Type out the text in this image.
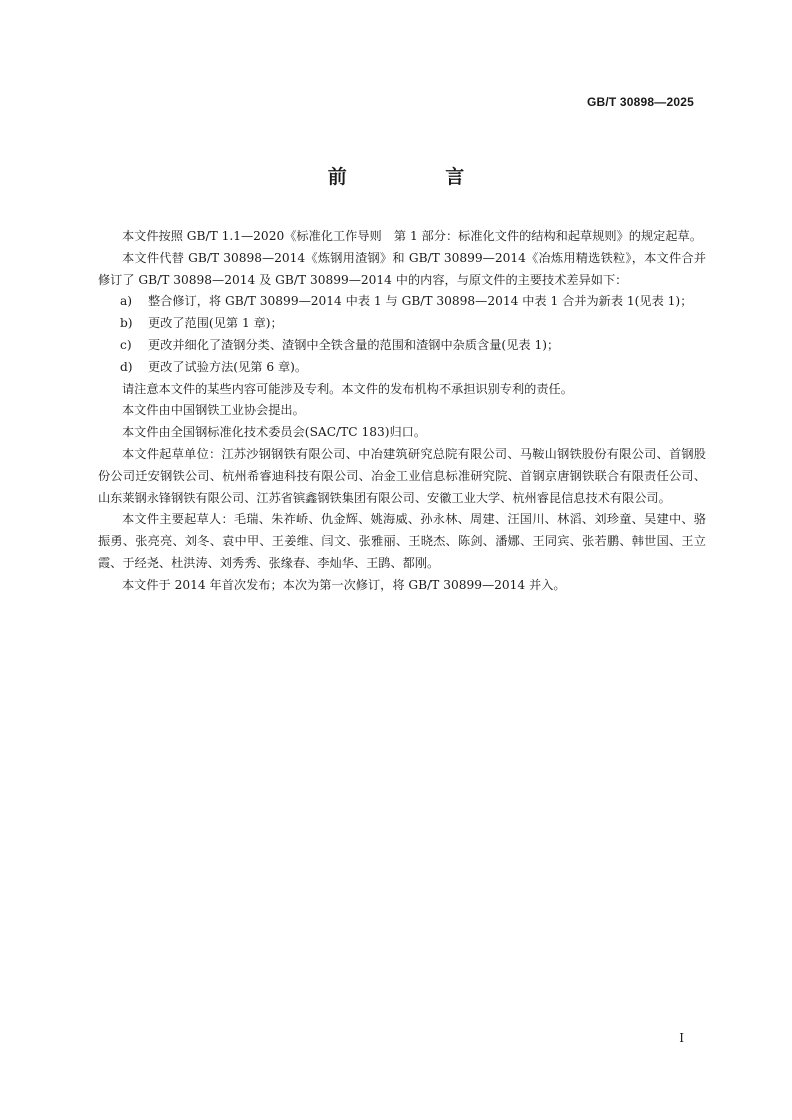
GB/T 30898—2025
前 言

本文件按照 GB/T 1.1—2020《标准化工作导则　第 1 部分：标准化文件的结构和起草规则》的规定起草。

本文件代替 GB/T 30898—2014《炼钢用渣钢》和 GB/T 30899—2014《冶炼用精选铁粒》，本文件合并修订了 GB/T 30898—2014 及 GB/T 30899—2014 中的内容，与原文件的主要技术差异如下：

a) 整合修订，将 GB/T 30899—2014 中表 1 与 GB/T 30898—2014 中表 1 合并为新表 1(见表 1)；

b) 更改了范围(见第 1 章)；

c) 更改并细化了渣钢分类、渣钢中全铁含量的范围和渣钢中杂质含量(见表 1)；

d) 更改了试验方法(见第 6 章)。

请注意本文件的某些内容可能涉及专利。本文件的发布机构不承担识别专利的责任。

本文件由中国钢铁工业协会提出。

本文件由全国钢标准化技术委员会(SAC/TC 183)归口。

本文件起草单位：江苏沙钢钢铁有限公司、中冶建筑研究总院有限公司、马鞍山钢铁股份有限公司、首钢股份公司迁安钢铁公司、杭州希睿迪科技有限公司、冶金工业信息标准研究院、首钢京唐钢铁联合有限责任公司、山东莱钢永锋钢铁有限公司、江苏省镔鑫钢铁集团有限公司、安徽工业大学、杭州睿昆信息技术有限公司。

本文件主要起草人：毛瑞、朱祚峤、仇金辉、姚海威、孙永林、周建、汪国川、林滔、刘珍童、吴建中、骆振勇、张亮亮、刘冬、袁中甲、王姜维、闫文、张雅丽、王晓杰、陈剑、潘娜、王同宾、张若鹏、韩世国、王立霞、于经尧、杜洪涛、刘秀秀、张缘春、李灿华、王鹍、都刚。

本文件于 2014 年首次发布；本次为第一次修订，将 GB/T 30899—2014 并入。

I
